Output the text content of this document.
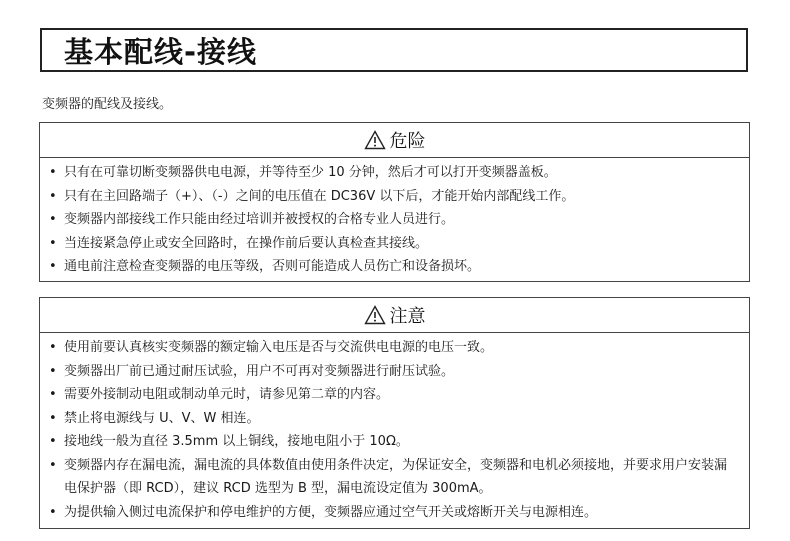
基本配线-接线
变频器的配线及接线。
危险
• 只有在可靠切断变频器供电电源，并等待至少 10 分钟，然后才可以打开变频器盖板。
• 只有在主回路端子（+）、（-）之间的电压值在 DC36V 以下后，才能开始内部配线工作。
• 变频器内部接线工作只能由经过培训并被授权的合格专业人员进行。
• 当连接紧急停止或安全回路时，在操作前后要认真检查其接线。
• 通电前注意检查变频器的电压等级，否则可能造成人员伤亡和设备损坏。
注意
• 使用前要认真核实变频器的额定输入电压是否与交流供电电源的电压一致。
• 变频器出厂前已通过耐压试验，用户不可再对变频器进行耐压试验。
• 需要外接制动电阻或制动单元时，请参见第二章的内容。
• 禁止将电源线与 U、V、W 相连。
• 接地线一般为直径 3.5mm 以上铜线，接地电阻小于 10Ω。
• 变频器内存在漏电流，漏电流的具体数值由使用条件决定，为保证安全，变频器和电机必须接地，并要求用户安装漏电保护器（即 RCD），建议 RCD 选型为 B 型，漏电流设定值为 300mA。
• 为提供输入侧过电流保护和停电维护的方便，变频器应通过空气开关或熔断开关与电源相连。
